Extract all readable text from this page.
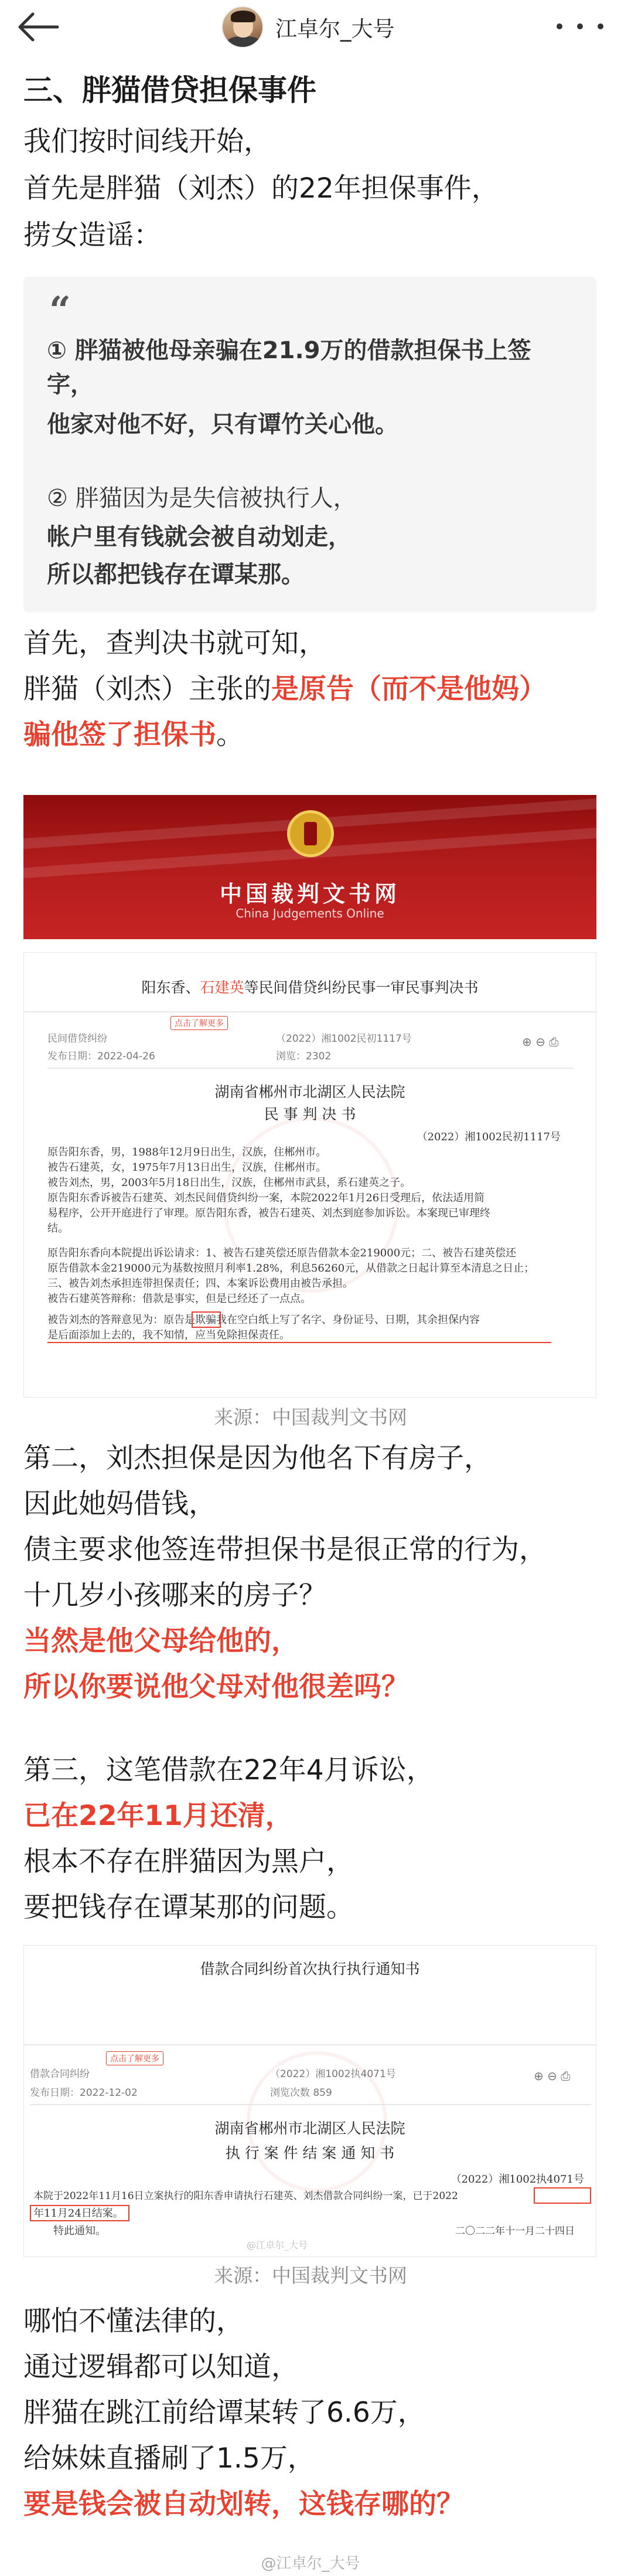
江卓尔_大号

三、胖猫借贷担保事件

我们按时间线开始，

首先是胖猫（刘杰）的22年担保事件，

捞女造谣：

“
① 胖猫被他母亲骗在21.9万的借款担保书上签
字，
他家对他不好，只有谭竹关心他。
② 胖猫因为是失信被执行人，
帐户里有钱就会被自动划走，
所以都把钱存在谭某那。

首先，查判决书就可知，

胖猫（刘杰）主张的是原告（而不是他妈）

骗他签了担保书。

中国裁判文书网
China Judgements Online
阳东香、石建英等民间借贷纠纷民事一审民事判决书
点击了解更多
民间借贷纠纷	（2022）湘1002民初1117号
发布日期：2022-04-26	浏览：2302
⊕ ⊖ ⎙
湖南省郴州市北湖区人民法院
民 事 判 决 书
（2022）湘1002民初1117号
原告阳东香，男，1988年12月9日出生，汉族，住郴州市。
被告石建英，女，1975年7月13日出生，汉族，住郴州市。
被告刘杰，男，2003年5月18日出生，汉族，住郴州市武县，系石建英之子。
原告阳东香诉被告石建英、刘杰民间借贷纠纷一案，本院2022年1月26日受理后，依法适用简
易程序，公开开庭进行了审理。原告阳东香，被告石建英、刘杰到庭参加诉讼。本案现已审理终
结。
原告阳东香向本院提出诉讼请求：1、被告石建英偿还原告借款本金219000元；二、被告石建英偿还
原告借款本金219000元为基数按照月利率1.28%，利息56260元，从借款之日起计算至本清息之日止；
三、被告刘杰承担连带担保责任；四、本案诉讼费用由被告承担。
被告石建英答辩称：借款是事实，但是已经还了一点点。
被告刘杰的答辩意见为：原告是欺骗我在空白纸上写了名字、身份证号、日期，其余担保内容
是后面添加上去的，我不知情，应当免除担保责任。
来源：中国裁判文书网

第二，刘杰担保是因为他名下有房子，

因此她妈借钱，

债主要求他签连带担保书是很正常的行为，

十几岁小孩哪来的房子？

当然是他父母给他的，

所以你要说他父母对他很差吗？

第三，这笔借款在22年4月诉讼，

已在22年11月还清，

根本不存在胖猫因为黑户，

要把钱存在谭某那的问题。

借款合同纠纷首次执行执行通知书
点击了解更多
借款合同纠纷	（2022）湘1002执4071号
发布日期：2022-12-02	浏览次数 859
⊕ ⊖ ⎙
湖南省郴州市北湖区人民法院
执 行 案 件 结 案 通 知 书
（2022）湘1002执4071号
本院于2022年11月16日立案执行的阳东香申请执行石建英、刘杰借款合同纠纷一案，已于2022
年11月24日结案。
特此通知。	二〇二二年十一月二十四日
@江卓尔_大号
来源：中国裁判文书网

哪怕不懂法律的，

通过逻辑都可以知道，

胖猫在跳江前给谭某转了6.6万，

给妹妹直播刷了1.5万，

要是钱会被自动划转，这钱存哪的？

@江卓尔_大号
